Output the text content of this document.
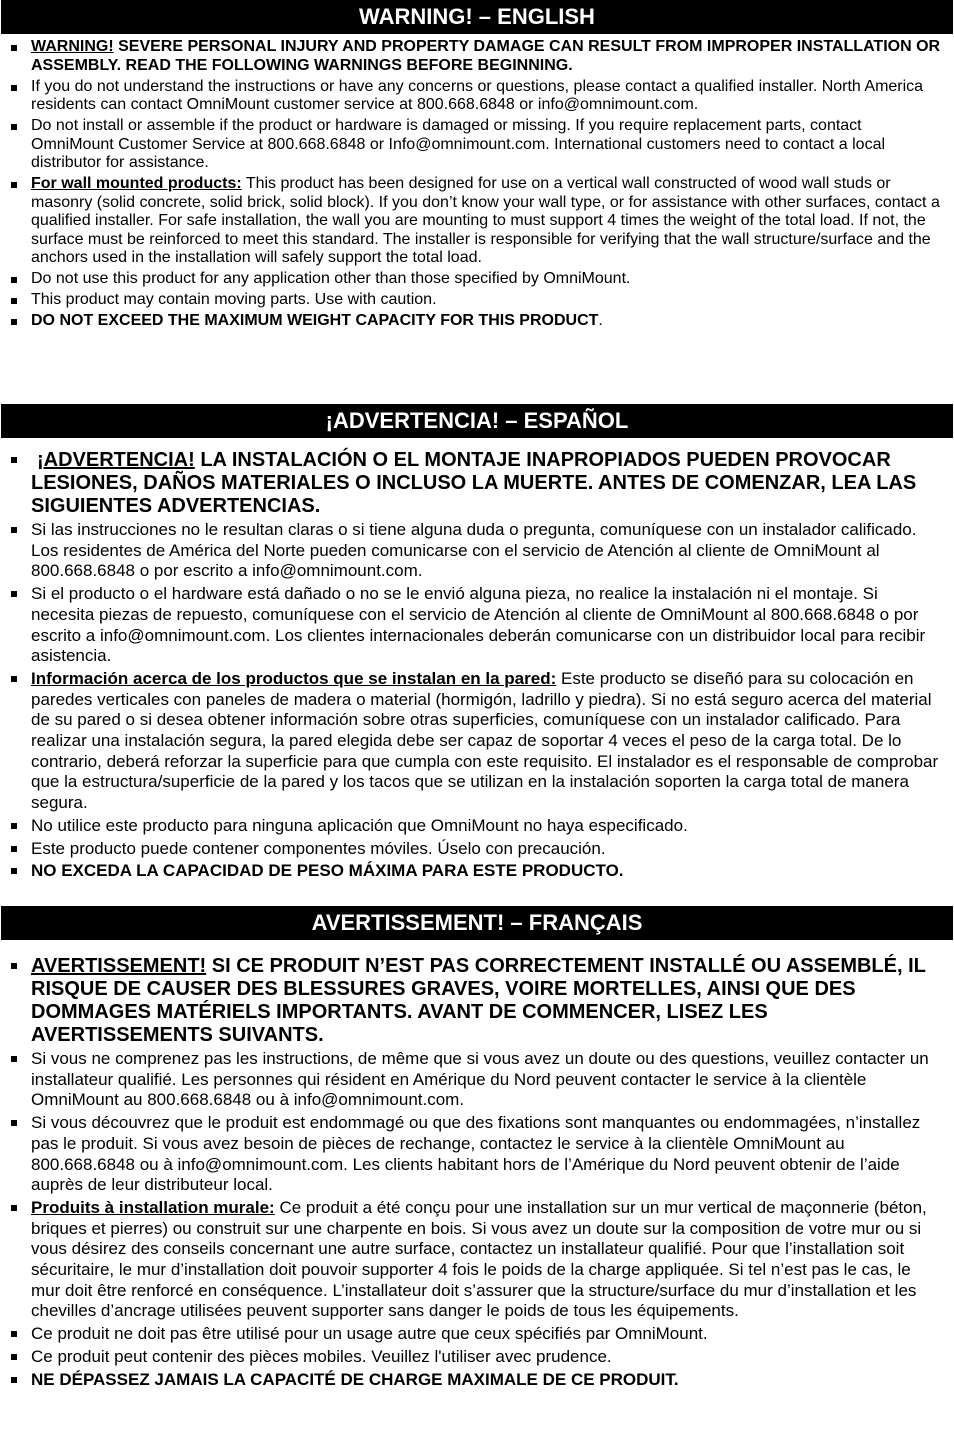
WARNING! – ENGLISH
WARNING! SEVERE PERSONAL INJURY AND PROPERTY DAMAGE CAN RESULT FROM IMPROPER INSTALLATION OR ASSEMBLY. READ THE FOLLOWING WARNINGS BEFORE BEGINNING.
If you do not understand the instructions or have any concerns or questions, please contact a qualified installer. North America residents can contact OmniMount customer service at 800.668.6848 or info@omnimount.com.
Do not install or assemble if the product or hardware is damaged or missing. If you require replacement parts, contact OmniMount Customer Service at 800.668.6848 or Info@omnimount.com. International customers need to contact a local distributor for assistance.
For wall mounted products: This product has been designed for use on a vertical wall constructed of wood wall studs or masonry (solid concrete, solid brick, solid block). If you don’t know your wall type, or for assistance with other surfaces, contact a qualified installer. For safe installation, the wall you are mounting to must support 4 times the weight of the total load. If not, the surface must be reinforced to meet this standard. The installer is responsible for verifying that the wall structure/surface and the anchors used in the installation will safely support the total load.
Do not use this product for any application other than those specified by OmniMount.
This product may contain moving parts. Use with caution.
DO NOT EXCEED THE MAXIMUM WEIGHT CAPACITY FOR THIS PRODUCT.
¡ADVERTENCIA! – ESPAÑOL
¡ADVERTENCIA! LA INSTALACIÓN O EL MONTAJE INAPROPIADOS PUEDEN PROVOCAR LESIONES, DAÑOS MATERIALES O INCLUSO LA MUERTE. ANTES DE COMENZAR, LEA LAS SIGUIENTES ADVERTENCIAS.
Si las instrucciones no le resultan claras o si tiene alguna duda o pregunta, comuníquese con un instalador calificado. Los residentes de América del Norte pueden comunicarse con el servicio de Atención al cliente de OmniMount al 800.668.6848 o por escrito a info@omnimount.com.
Si el producto o el hardware está dañado o no se le envió alguna pieza, no realice la instalación ni el montaje. Si necesita piezas de repuesto, comuníquese con el servicio de Atención al cliente de OmniMount al 800.668.6848 o por escrito a info@omnimount.com. Los clientes internacionales deberán comunicarse con un distribuidor local para recibir asistencia.
Información acerca de los productos que se instalan en la pared: Este producto se diseñó para su colocación en paredes verticales con paneles de madera o material (hormigón, ladrillo y piedra). Si no está seguro acerca del material de su pared o si desea obtener información sobre otras superficies, comuníquese con un instalador calificado. Para realizar una instalación segura, la pared elegida debe ser capaz de soportar 4 veces el peso de la carga total. De lo contrario, deberá reforzar la superficie para que cumpla con este requisito. El instalador es el responsable de comprobar que la estructura/superficie de la pared y los tacos que se utilizan en la instalación soporten la carga total de manera segura.
No utilice este producto para ninguna aplicación que OmniMount no haya especificado.
Este producto puede contener componentes móviles. Úselo con precaución.
NO EXCEDA LA CAPACIDAD DE PESO MÁXIMA PARA ESTE PRODUCTO.
AVERTISSEMENT! – FRANÇAIS
AVERTISSEMENT! SI CE PRODUIT N’EST PAS CORRECTEMENT INSTALLÉ OU ASSEMBLÉ, IL RISQUE DE CAUSER DES BLESSURES GRAVES, VOIRE MORTELLES, AINSI QUE DES DOMMAGES MATÉRIELS IMPORTANTS. AVANT DE COMMENCER, LISEZ LES AVERTISSEMENTS SUIVANTS.
Si vous ne comprenez pas les instructions, de même que si vous avez un doute ou des questions, veuillez contacter un installateur qualifié. Les personnes qui résident en Amérique du Nord peuvent contacter le service à la clientèle OmniMount au 800.668.6848 ou à info@omnimount.com.
Si vous découvrez que le produit est endommagé ou que des fixations sont manquantes ou endommagées, n’installez pas le produit. Si vous avez besoin de pièces de rechange, contactez le service à la clientèle OmniMount au 800.668.6848 ou à info@omnimount.com. Les clients habitant hors de l’Amérique du Nord peuvent obtenir de l’aide auprès de leur distributeur local.
Produits à installation murale: Ce produit a été conçu pour une installation sur un mur vertical de maçonnerie (béton, briques et pierres) ou construit sur une charpente en bois. Si vous avez un doute sur la composition de votre mur ou si vous désirez des conseils concernant une autre surface, contactez un installateur qualifié. Pour que l’installation soit sécuritaire, le mur d’installation doit pouvoir supporter 4 fois le poids de la charge appliquée. Si tel n’est pas le cas, le mur doit être renforcé en conséquence. L’installateur doit s’assurer que la structure/surface du mur d’installation et les chevilles d’ancrage utilisées peuvent supporter sans danger le poids de tous les équipements.
Ce produit ne doit pas être utilisé pour un usage autre que ceux spécifiés par OmniMount.
Ce produit peut contenir des pièces mobiles. Veuillez l'utiliser avec prudence.
NE DÉPASSEZ JAMAIS LA CAPACITÉ DE CHARGE MAXIMALE DE CE PRODUIT.
